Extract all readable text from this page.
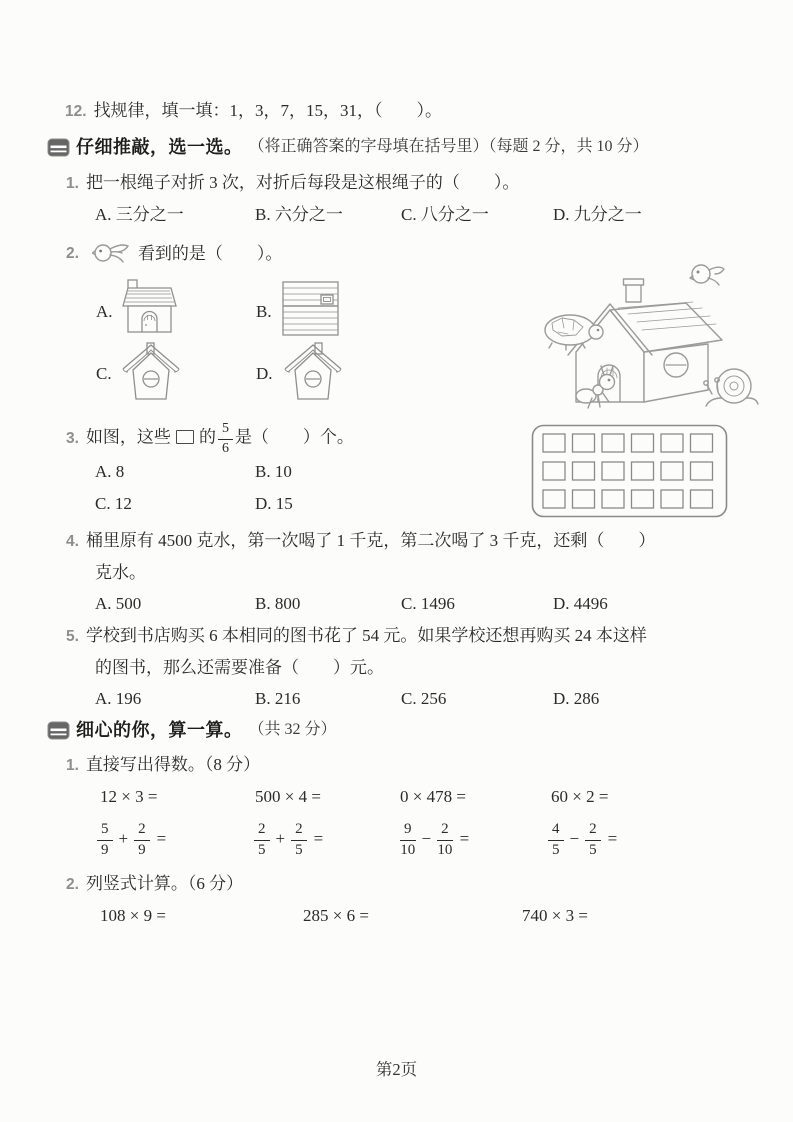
12. 找规律，填一填：1，3，7，15，31，（　　）。
仔细推敲，选一选。 （将正确答案的字母填在括号里）（每题 2 分，共 10 分）
1. 把一根绳子对折 3 次，对折后每段是这根绳子的（　　）。
A. 三分之一	B. 六分之一	C. 八分之一	D. 九分之一
2.	看到的是（　　）。
A.	B.
C.	D.
3. 如图，这些 的 $\frac{5}{6}$ 是（　　）个。
A. 8	B. 10
C. 12	D. 15
4. 桶里原有 4500 克水，第一次喝了 1 千克，第二次喝了 3 千克，还剩（　　）
克水。
A. 500	B. 800	C. 1496	D. 4496
5. 学校到书店购买 6 本相同的图书花了 54 元。如果学校还想再购买 24 本这样
的图书，那么还需要准备（　　）元。
A. 196	B. 216	C. 256	D. 286
细心的你，算一算。 （共 32 分）
1. 直接写出得数。（8 分）
12 × 3 =	500 × 4 =	0 × 478 =	60 × 2 =
$\frac{5}{9} + \frac{2}{9}$ =	$\frac{2}{5} + \frac{2}{5}$ =	$\frac{9}{10} - \frac{2}{10}$ =	$\frac{4}{5} - \frac{2}{5}$ =
2. 列竖式计算。（6 分）
108 × 9 =	285 × 6 =	740 × 3 =
第2页
